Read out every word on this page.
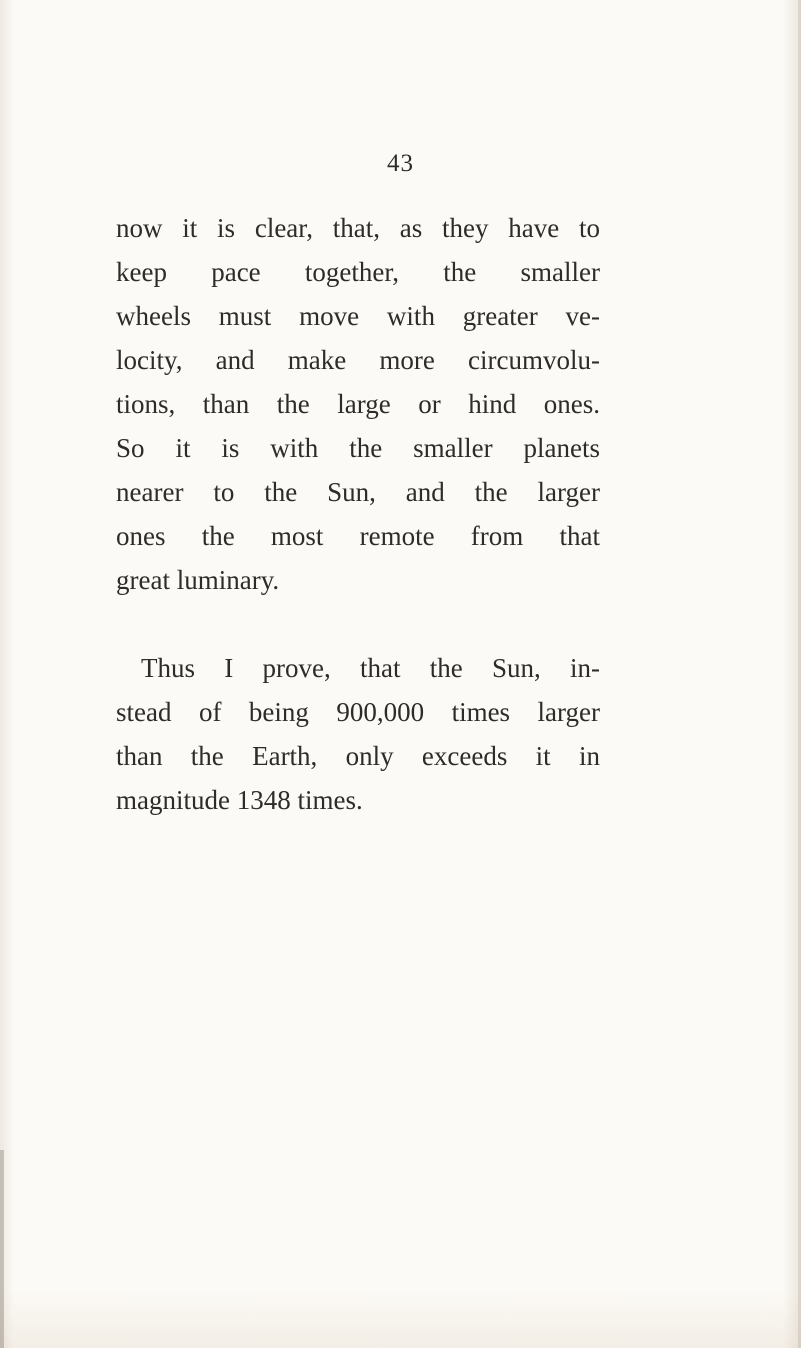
43
now it is clear, that, as they have to
keep pace together, the smaller
wheels must move with greater ve-
locity, and make more circumvolu-
tions, than the large or hind ones.
So it is with the smaller planets
nearer to the Sun, and the larger
ones the most remote from that
great luminary.
Thus I prove, that the Sun, in-
stead of being 900,000 times larger
than the Earth, only exceeds it in
magnitude 1348 times.
